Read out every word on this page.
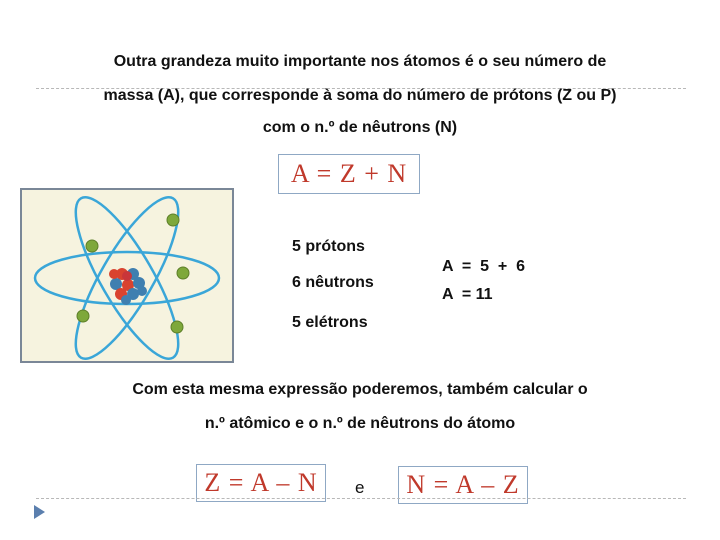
Outra grandeza muito importante nos átomos é o seu número de
massa (A), que corresponde à soma do número de prótons (Z ou P)
com o n.º de nêutrons (N)
A = Z + N
5 prótons
6 nêutrons
5 elétrons
A  =  5  +  6
A  = 11
Com esta mesma expressão poderemos, também calcular o
n.º atômico e o n.º de nêutrons do átomo
Z = A – N	e	N = A – Z
